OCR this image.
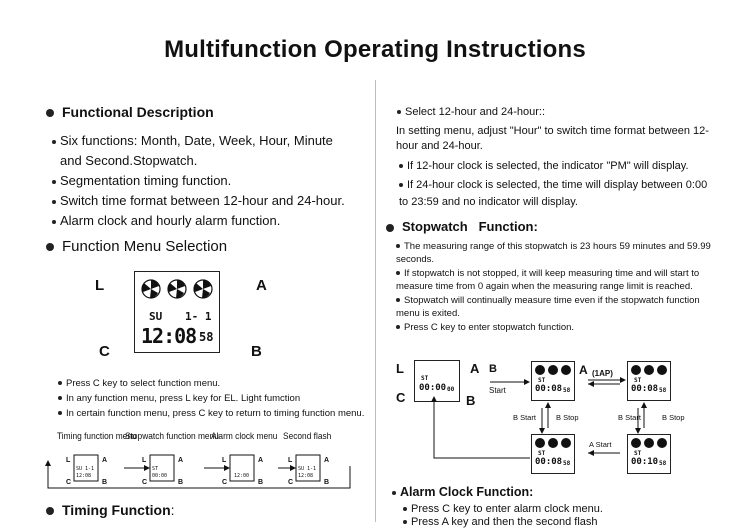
Multifunction Operating Instructions
Functional Description
Six functions: Month, Date, Week, Hour, Minute
and Second.Stopwatch.
Segmentation timing function.
Switch time format between 12-hour and 24-hour.
Alarm clock and hourly alarm function.
Function Menu Selection
L	A
C	B
SU 1- 1
12:08 58
Press C key to select function menu.
In any function menu, press L key for EL. Light fumction
In certain function menu, press C key to return to timing function menu.
Timing function menu
Stopwatch function menu
Alarm clock menu Second flash
L
C
A
B
L
C
A
B
L
C
A
B
L
C
A
B
SU 1-1
12:08
ST
00:00	12:00
SU 1-1
12:08
Timing Function:
Select 12-hour and 24-hour::
In setting menu, adjust "Hour" to switch time format between 12-hour and 24-hour.
If 12-hour clock is selected, the indicator "PM" will display.
If 24-hour clock is selected, the time will display between 0:00 to 23:59 and no indicator will display.
Stopwatch Function:
The measuring range of this stopwatch is 23 hours 59 minutes and 59.99 seconds.
If stopwatch is not stopped, it will keep measuring time and will start to measure time from 0 again when the measuring range limit is reached.
Stopwatch will continually measure time even if the stopwatch function menu is exited.
Press C key to enter stopwatch function.
L	A
C	B
ST
00:00 00
ST
00:08 58
ST
00:08 58
ST
00:08 58
ST
00:10 58
B
Start
A (1AP)
B Start	B Stop	B Start	B Stop
A Start
Alarm Clock Function:
Press C key to enter alarm clock menu.
Press A key and then the second flash
